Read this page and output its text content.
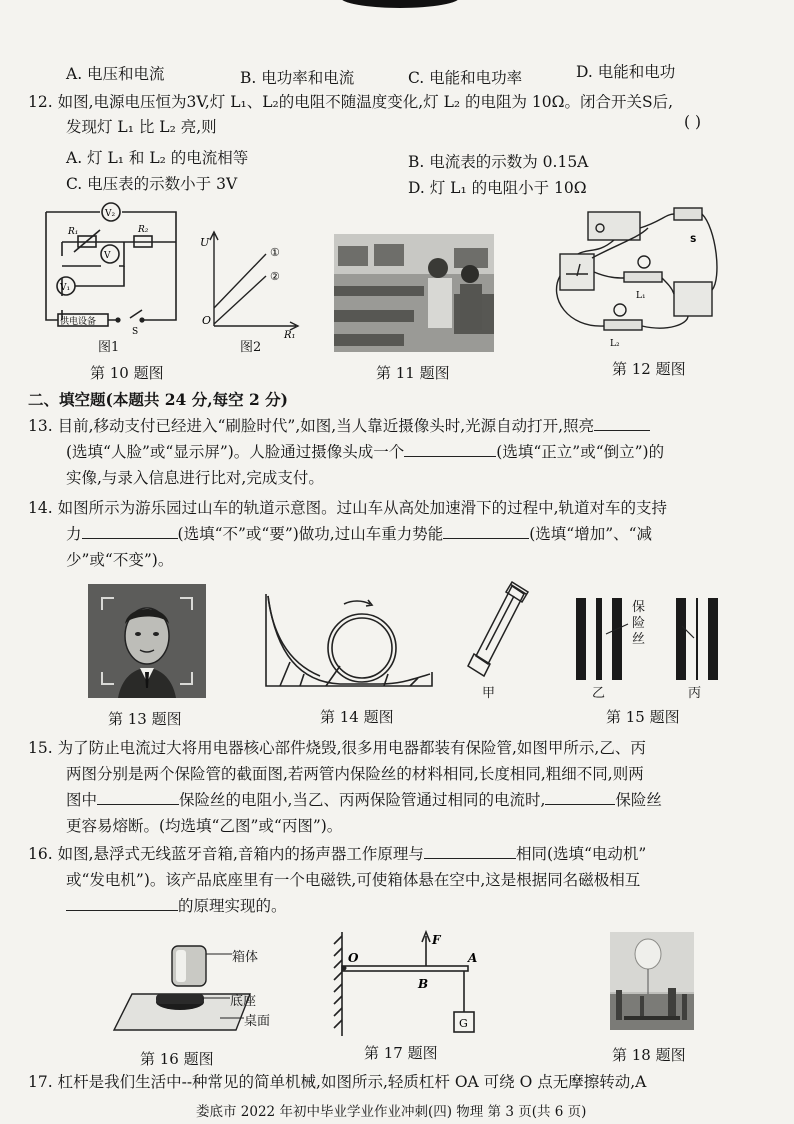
A. 电压和电流	B. 电功率和电流	C. 电能和电功率	D. 电能和电功
12. 如图,电源电压恒为3V,灯 L₁、L₂的电阻不随温度变化,灯 L₂ 的电阻为 10Ω。闭合开关S后,
发现灯 L₁ 比 L₂ 亮,则	( )
A. 灯 L₁ 和 L₂ 的电流相等	B. 电流表的示数为 0.15A
C. 电压表的示数小于 3V	D. 灯 L₁ 的电阻小于 10Ω
V₂
V
V₁
R₁	R₂
供电设备
S
图1
U
O
R₁
①
②
图2
第 10 题图	第 11 题图
S
L₁
L₂
第 12 题图
二、填空题(本题共 24 分,每空 2 分)
13. 目前,移动支付已经进入“刷脸时代”,如图,当人靠近摄像头时,光源自动打开,照亮
(选填“人脸”或“显示屏”)。人脸通过摄像头成一个	(选填“正立”或“倒立”)的
实像,与录入信息进行比对,完成支付。
14. 如图所示为游乐园过山车的轨道示意图。过山车从高处加速滑下的过程中,轨道对车的支持
力	(选填“不”或“要”)做功,过山车重力势能	(选填“增加”、“减
少”或“不变”)。
第 13 题图	第 14 题图
甲
保险丝
乙	丙
第 15 题图
15. 为了防止电流过大将用电器核心部件烧毁,很多用电器都装有保险管,如图甲所示,乙、丙
两图分别是两个保险管的截面图,若两管内保险丝的材料相同,长度相同,粗细不同,则两
图中	保险丝的电阻小,当乙、丙两保险管通过相同的电流时,	保险丝
更容易熔断。(均选填“乙图”或“丙图”)。
16. 如图,悬浮式无线蓝牙音箱,音箱内的扬声器工作原理与	相同(选填“电动机”
或“发电机”)。该产品底座里有一个电磁铁,可使箱体悬在空中,这是根据同名磁极相互
的原理实现的。
箱体
底座
桌面
第 16 题图
O
B
A
F
G
第 17 题图	第 18 题图
17. 杠杆是我们生活中--种常见的简单机械,如图所示,轻质杠杆 OA 可绕 O 点无摩擦转动,A
娄底市 2022 年初中毕业学业作业冲刺(四) 物理 第 3 页(共 6 页)
